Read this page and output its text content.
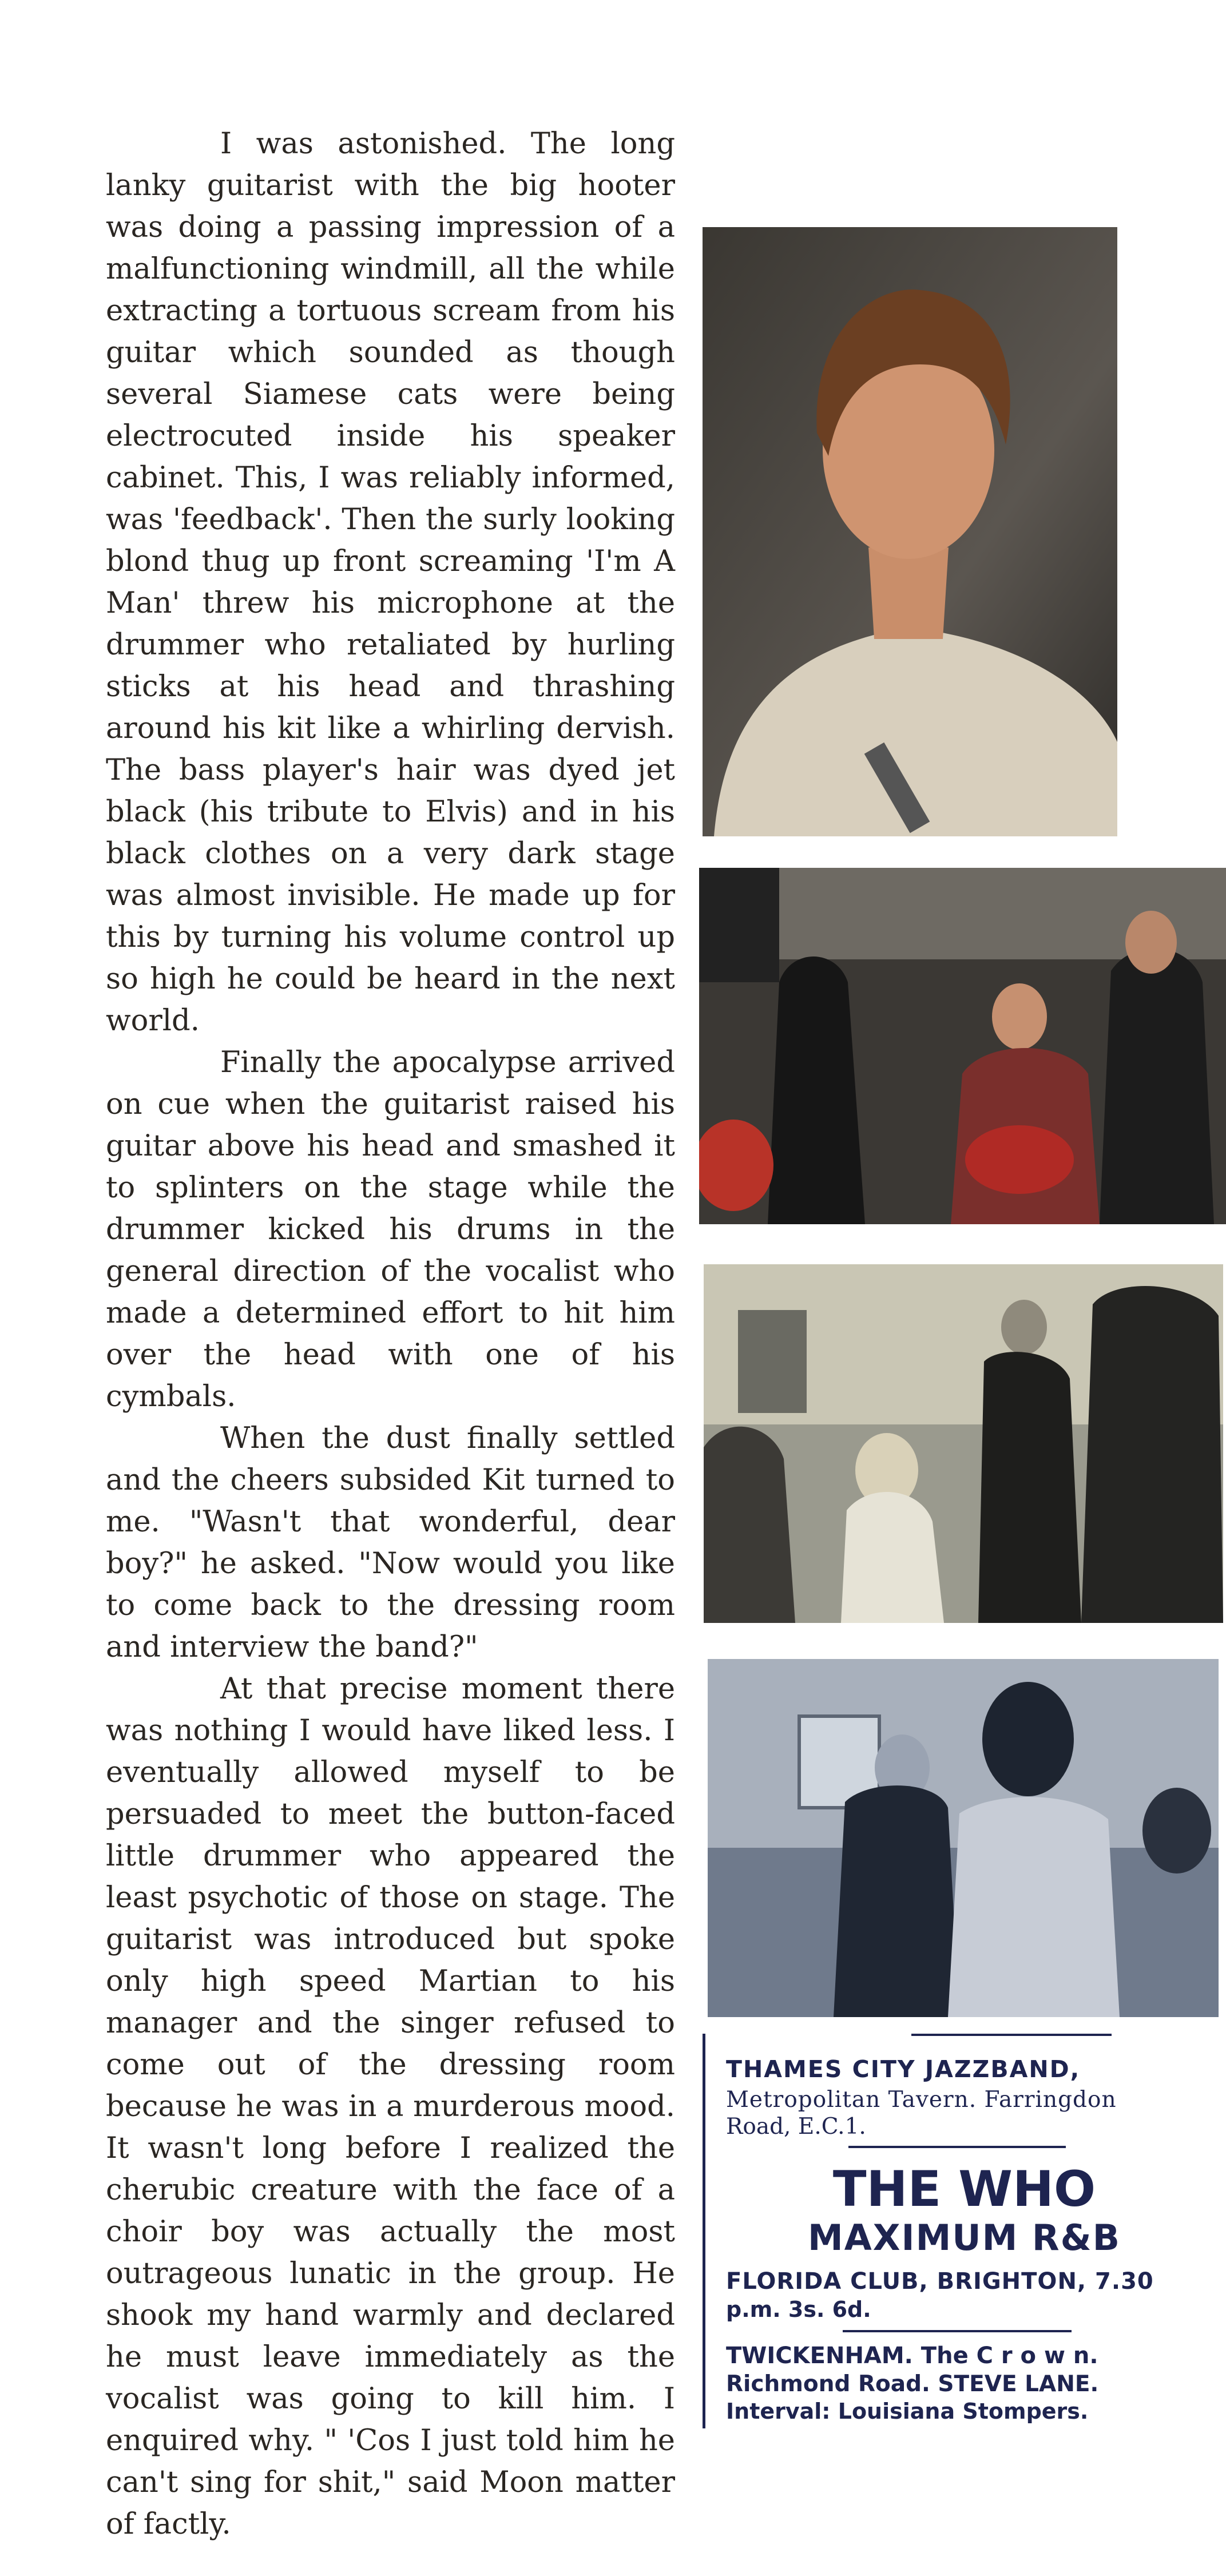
I was astonished. The long lanky guitarist with the big hooter was doing a passing impression of a malfunctioning windmill, all the while extracting a tortuous scream from his guitar which sounded as though several Siamese cats were being electrocuted inside his speaker cabinet. This, I was reliably informed, was 'feedback'. Then the surly looking blond thug up front screaming 'I'm A Man' threw his microphone at the drummer who retaliated by hurling sticks at his head and thrashing around his kit like a whirling dervish. The bass player's hair was dyed jet black (his tribute to Elvis) and in his black clothes on a very dark stage was almost invisible. He made up for this by turning his volume control up so high he could be heard in the next world.

Finally the apocalypse arrived on cue when the guitarist raised his guitar above his head and smashed it to splinters on the stage while the drummer kicked his drums in the general direction of the vocalist who made a determined effort to hit him over the head with one of his cymbals.

When the dust finally settled and the cheers subsided Kit turned to me. "Wasn't that wonderful, dear boy?" he asked. "Now would you like to come back to the dressing room and interview the band?"

At that precise moment there was nothing I would have liked less. I eventually allowed myself to be persuaded to meet the button-faced little drummer who appeared the least psychotic of those on stage. The guitarist was introduced but spoke only high speed Martian to his manager and the singer refused to come out of the dressing room because he was in a murderous mood. It wasn't long before I realized the cherubic creature with the face of a choir boy was actually the most outrageous lunatic in the group. He shook my hand warmly and declared he must leave immediately as the vocalist was going to kill him. I enquired why. " 'Cos I just told him he can't sing for shit," said Moon matter of factly.

THAMES CITY JAZZBAND,
Metropolitan Tavern. Farringdon
Road, E.C.1.
THE WHO
MAXIMUM R&B
FLORIDA CLUB, BRIGHTON, 7.30
p.m. 3s. 6d.
TWICKENHAM. The C r o w n.
Richmond Road. STEVE LANE.
Interval: Louisiana Stompers.
